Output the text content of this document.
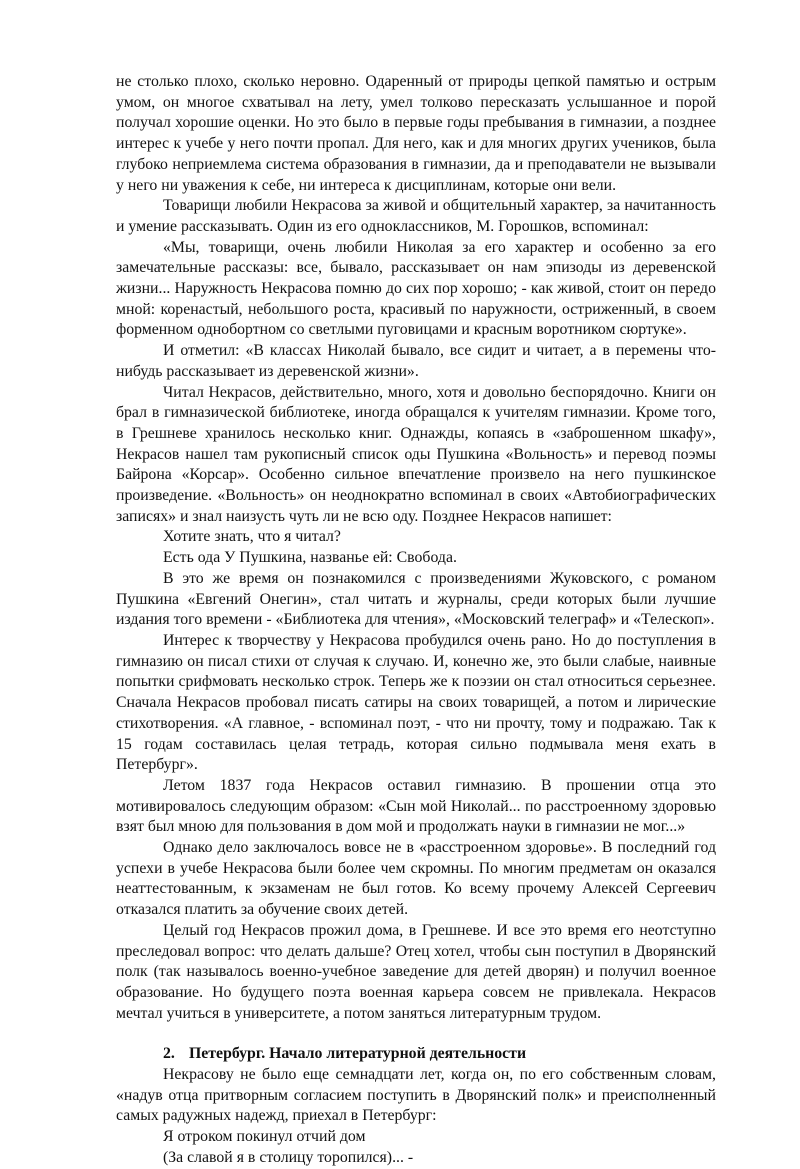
не столько плохо, сколько неровно. Одаренный от природы цепкой памятью и острым умом, он многое схватывал на лету, умел толково пересказать услышанное и порой получал хорошие оценки. Но это было в первые годы пребывания в гимназии, а позднее интерес к учебе у него почти пропал. Для него, как и для многих других учеников, была глубоко неприемлема система образования в гимназии, да и преподаватели не вызывали у него ни уважения к себе, ни интереса к дисциплинам, которые они вели.

Товарищи любили Некрасова за живой и общительный характер, за начитанность и умение рассказывать. Один из его одноклассников, М. Горошков, вспоминал:

«Мы, товарищи, очень любили Николая за его характер и особенно за его замечательные рассказы: все, бывало, рассказывает он нам эпизоды из деревенской жизни... Наружность Некрасова помню до сих пор хорошо; - как живой, стоит он передо мной: коренастый, небольшого роста, красивый по наружности, остриженный, в своем форменном однобортном со светлыми пуговицами и красным воротником сюртуке».

И отметил: «В классах Николай бывало, все сидит и читает, а в перемены что-нибудь рассказывает из деревенской жизни».

Читал Некрасов, действительно, много, хотя и довольно беспорядочно. Книги он брал в гимназической библиотеке, иногда обращался к учителям гимназии. Кроме того, в Грешневе хранилось несколько книг. Однажды, копаясь в «заброшенном шкафу», Некрасов нашел там рукописный список оды Пушкина «Вольность» и перевод поэмы Байрона «Корсар». Особенно сильное впечатление произвело на него пушкинское произведение. «Вольность» он неоднократно вспоминал в своих «Автобиографических записях» и знал наизусть чуть ли не всю оду. Позднее Некрасов напишет:

Хотите знать, что я читал?

Есть ода У Пушкина, названье ей: Свобода.

В это же время он познакомился с произведениями Жуковского, с романом Пушкина «Евгений Онегин», стал читать и журналы, среди которых были лучшие издания того времени - «Библиотека для чтения», «Московский телеграф» и «Телескоп».

Интерес к творчеству у Некрасова пробудился очень рано. Но до поступления в гимназию он писал стихи от случая к случаю. И, конечно же, это были слабые, наивные попытки срифмовать несколько строк. Теперь же к поэзии он стал относиться серьезнее. Сначала Некрасов пробовал писать сатиры на своих товарищей, а потом и лирические стихотворения. «А главное, - вспоминал поэт, - что ни прочту, тому и подражаю. Так к 15 годам составилась целая тетрадь, которая сильно подмывала меня ехать в Петербург».

Летом 1837 года Некрасов оставил гимназию. В прошении отца это мотивировалось следующим образом: «Сын мой Николай... по расстроенному здоровью взят был мною для пользования в дом мой и продолжать науки в гимназии не мог...»

Однако дело заключалось вовсе не в «расстроенном здоровье». В последний год успехи в учебе Некрасова были более чем скромны. По многим предметам он оказался неаттестованным, к экзаменам не был готов. Ко всему прочему Алексей Сергеевич отказался платить за обучение своих детей.

Целый год Некрасов прожил дома, в Грешневе. И все это время его неотступно преследовал вопрос: что делать дальше? Отец хотел, чтобы сын поступил в Дворянский полк (так называлось военно-учебное заведение для детей дворян) и получил военное образование. Но будущего поэта военная карьера совсем не привлекала. Некрасов мечтал учиться в университете, а потом заняться литературным трудом.

2. Петербург. Начало литературной деятельности

Некрасову не было еще семнадцати лет, когда он, по его собственным словам, «надув отца притворным согласием поступить в Дворянский полк» и преисполненный самых радужных надежд, приехал в Петербург:

Я отроком покинул отчий дом

(За славой я в столицу торопился)... -
